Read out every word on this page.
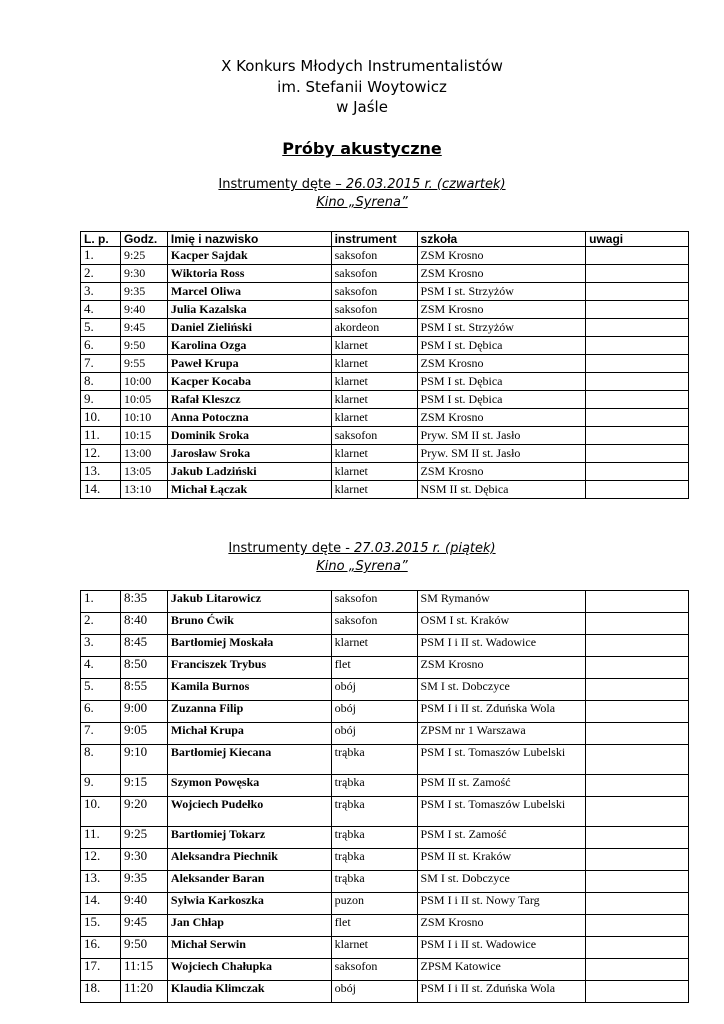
X Konkurs Młodych Instrumentalistów
im. Stefanii Woytowicz
w Jaśle
Próby akustyczne
Instrumenty dęte – 26.03.2015 r. (czwartek)
Kino „Syrena”
L. p.	Godz.	Imię i nazwisko	instrument	szkoła	uwagi
1.	9:25	Kacper Sajdak	saksofon	ZSM Krosno	
2.	9:30	Wiktoria Ross	saksofon	ZSM Krosno	
3.	9:35	Marcel Oliwa	saksofon	PSM I st. Strzyżów	
4.	9:40	Julia Kazalska	saksofon	ZSM Krosno	
5.	9:45	Daniel Zieliński	akordeon	PSM I st. Strzyżów	
6.	9:50	Karolina Ozga	klarnet	PSM I st. Dębica	
7.	9:55	Paweł Krupa	klarnet	ZSM Krosno	
8.	10:00	Kacper Kocaba	klarnet	PSM I st. Dębica	
9.	10:05	Rafał Kleszcz	klarnet	PSM I st. Dębica	
10.	10:10	Anna Potoczna	klarnet	ZSM Krosno	
11.	10:15	Dominik Sroka	saksofon	Pryw. SM II st. Jasło	
12.	13:00	Jarosław Sroka	klarnet	Pryw. SM II st. Jasło	
13.	13:05	Jakub Ladziński	klarnet	ZSM Krosno	
14.	13:10	Michał Łączak	klarnet	NSM II st. Dębica	
Instrumenty dęte - 27.03.2015 r. (piątek)
Kino „Syrena”
1.	8:35	Jakub Litarowicz	saksofon	SM Rymanów	
2.	8:40	Bruno Ćwik	saksofon	OSM I st. Kraków	
3.	8:45	Bartłomiej Moskała	klarnet	PSM I i II st. Wadowice	
4.	8:50	Franciszek Trybus	flet	ZSM Krosno	
5.	8:55	Kamila Burnos	obój	SM I st. Dobczyce	
6.	9:00	Zuzanna Filip	obój	PSM I i II st. Zduńska Wola	
7.	9:05	Michał Krupa	obój	ZPSM nr 1 Warszawa	
8.	9:10	Bartłomiej Kiecana	trąbka	PSM I st. Tomaszów Lubelski	
9.	9:15	Szymon Powęska	trąbka	PSM II st. Zamość	
10.	9:20	Wojciech Pudełko	trąbka	PSM I st. Tomaszów Lubelski	
11.	9:25	Bartłomiej Tokarz	trąbka	PSM I st. Zamość	
12.	9:30	Aleksandra Piechnik	trąbka	PSM II st. Kraków	
13.	9:35	Aleksander Baran	trąbka	SM I st. Dobczyce	
14.	9:40	Sylwia Karkoszka	puzon	PSM I i II st. Nowy Targ	
15.	9:45	Jan Chłap	flet	ZSM Krosno	
16.	9:50	Michał Serwin	klarnet	PSM I i II st. Wadowice	
17.	11:15	Wojciech Chałupka	saksofon	ZPSM Katowice	
18.	11:20	Klaudia Klimczak	obój	PSM I i II st. Zduńska Wola	
